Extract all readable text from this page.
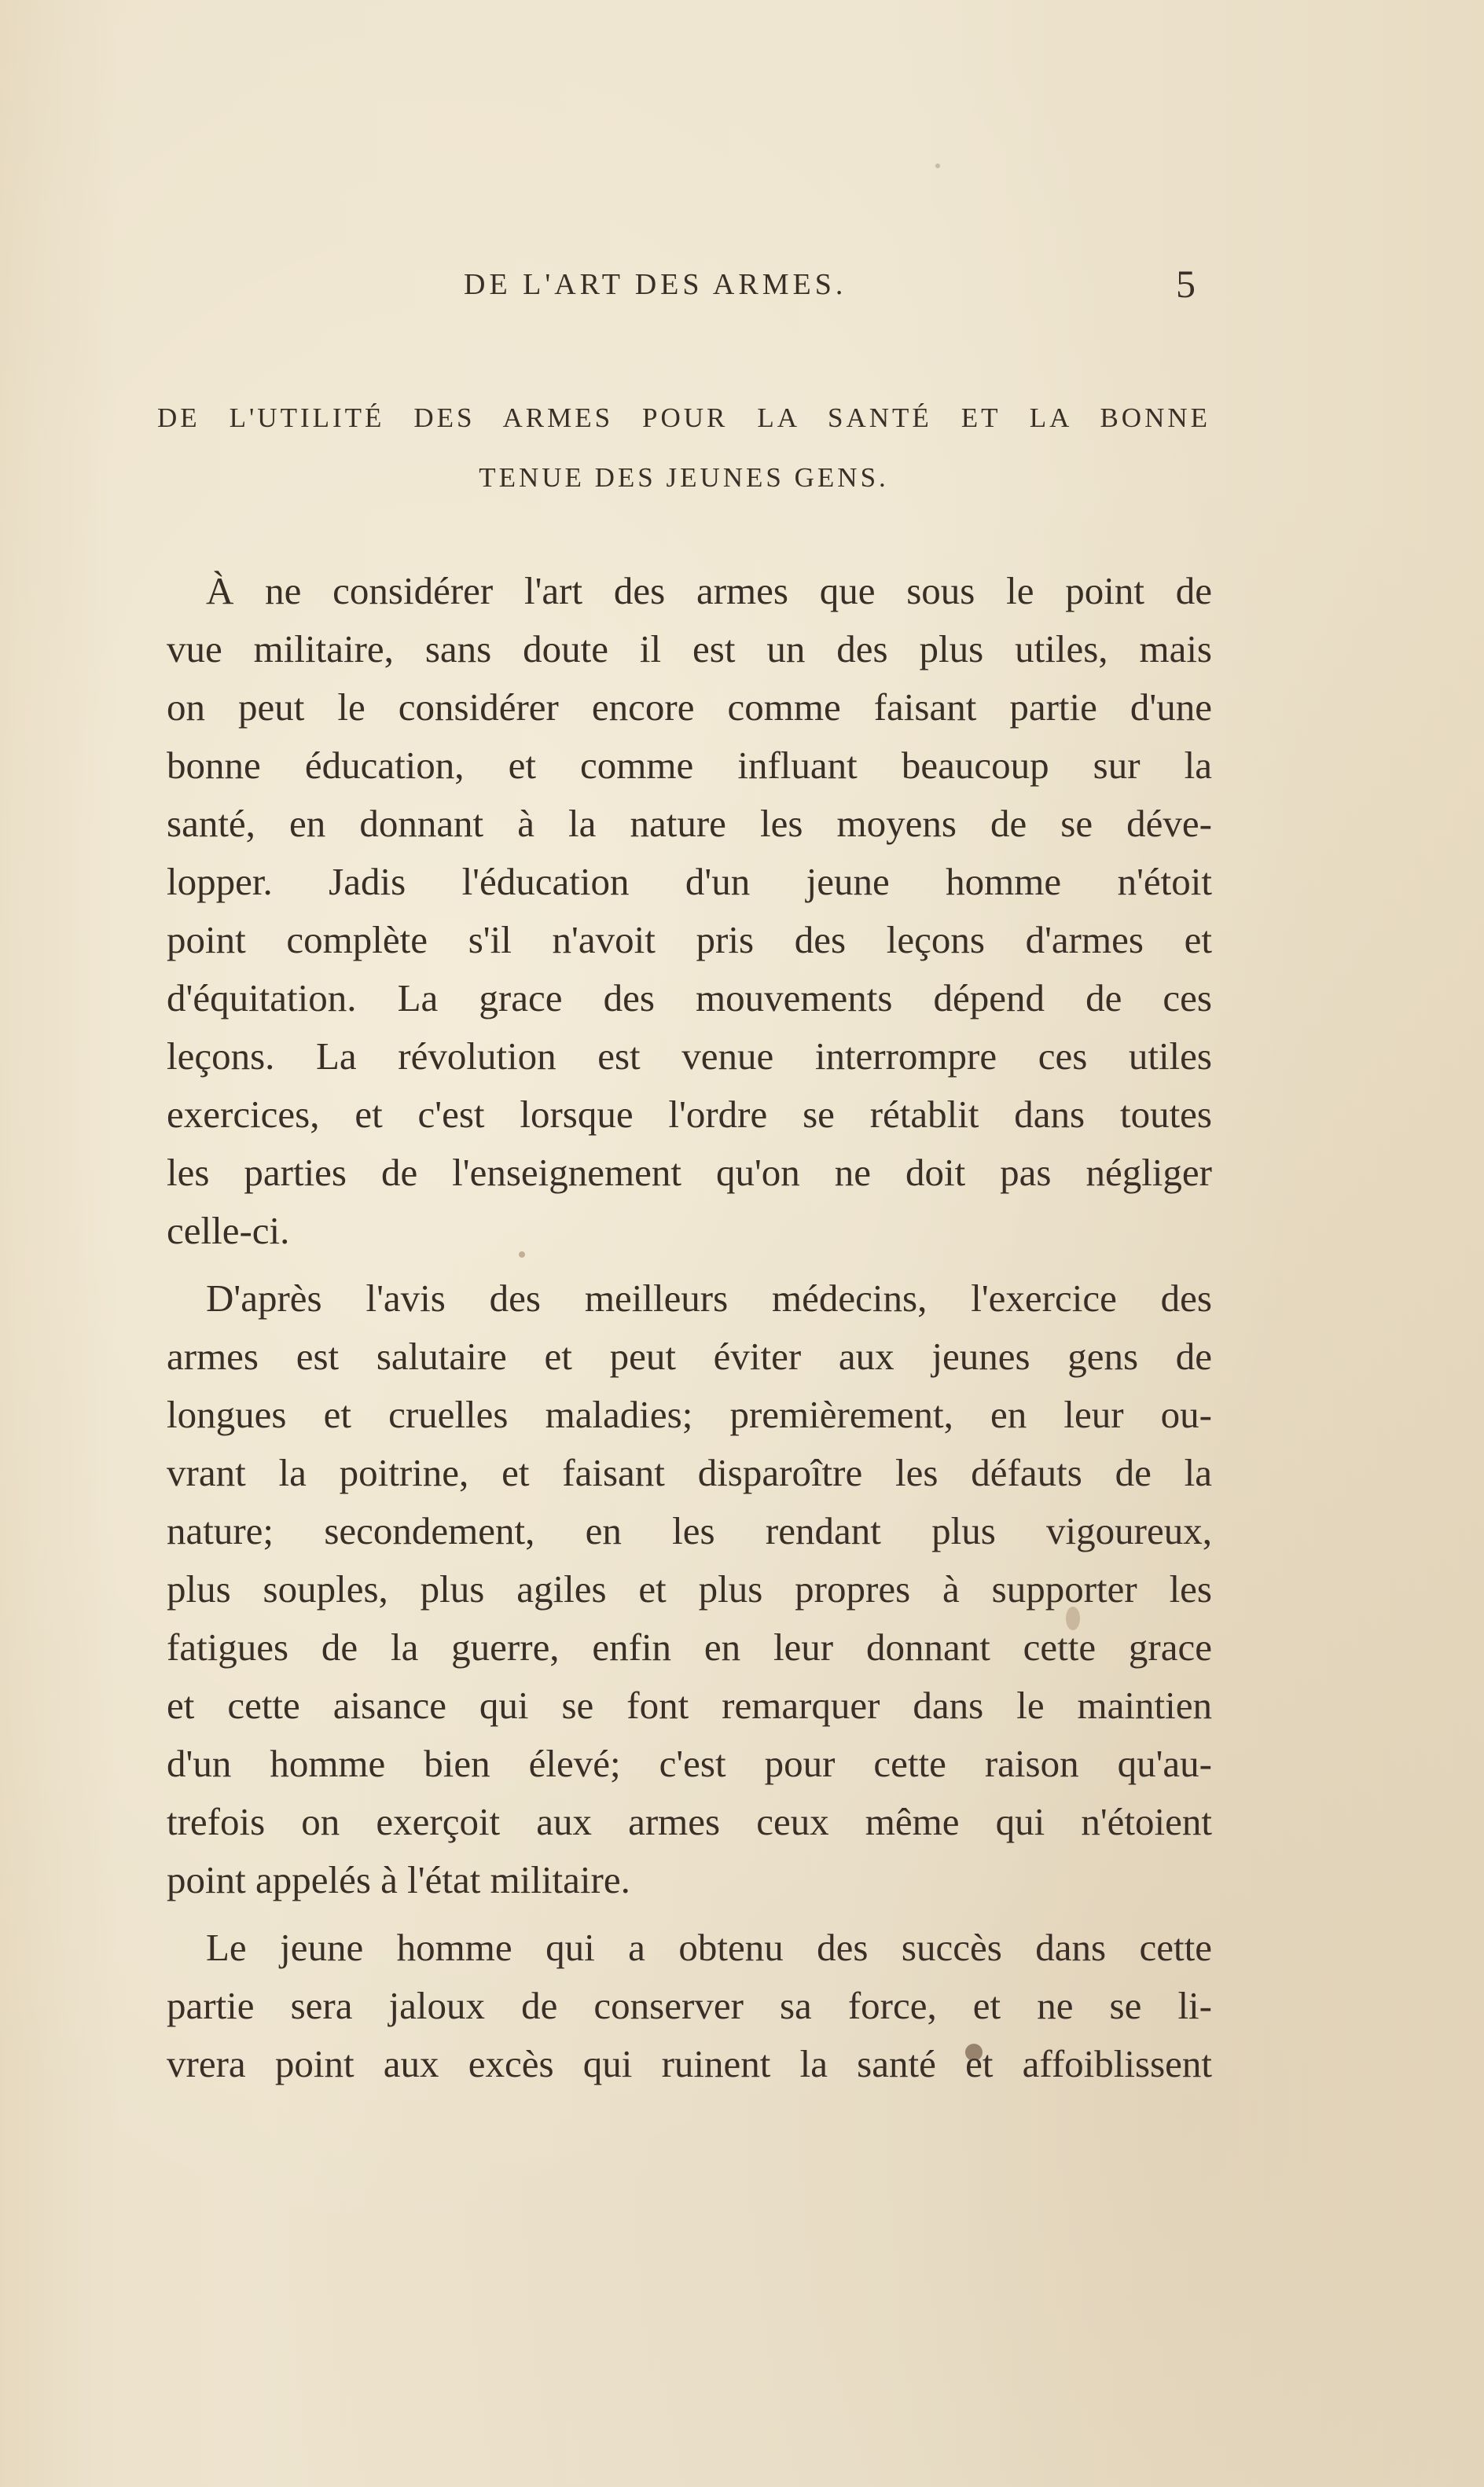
DE L'ART DES ARMES.	5
DE L'UTILITÉ DES ARMES POUR LA SANTÉ ET LA BONNE
TENUE DES JEUNES GENS.
À ne considérer l'art des armes que sous le point de
vue militaire, sans doute il est un des plus utiles, mais
on peut le considérer encore comme faisant partie d'une
bonne éducation, et comme influant beaucoup sur la
santé, en donnant à la nature les moyens de se déve-
lopper. Jadis l'éducation d'un jeune homme n'étoit
point complète s'il n'avoit pris des leçons d'armes et
d'équitation. La grace des mouvements dépend de ces
leçons. La révolution est venue interrompre ces utiles
exercices, et c'est lorsque l'ordre se rétablit dans toutes
les parties de l'enseignement qu'on ne doit pas négliger
celle-ci.
D'après l'avis des meilleurs médecins, l'exercice des
armes est salutaire et peut éviter aux jeunes gens de
longues et cruelles maladies; premièrement, en leur ou-
vrant la poitrine, et faisant disparoître les défauts de la
nature; secondement, en les rendant plus vigoureux,
plus souples, plus agiles et plus propres à supporter les
fatigues de la guerre, enfin en leur donnant cette grace
et cette aisance qui se font remarquer dans le maintien
d'un homme bien élevé; c'est pour cette raison qu'au-
trefois on exerçoit aux armes ceux même qui n'étoient
point appelés à l'état militaire.
Le jeune homme qui a obtenu des succès dans cette
partie sera jaloux de conserver sa force, et ne se li-
vrera point aux excès qui ruinent la santé et affoiblissent
